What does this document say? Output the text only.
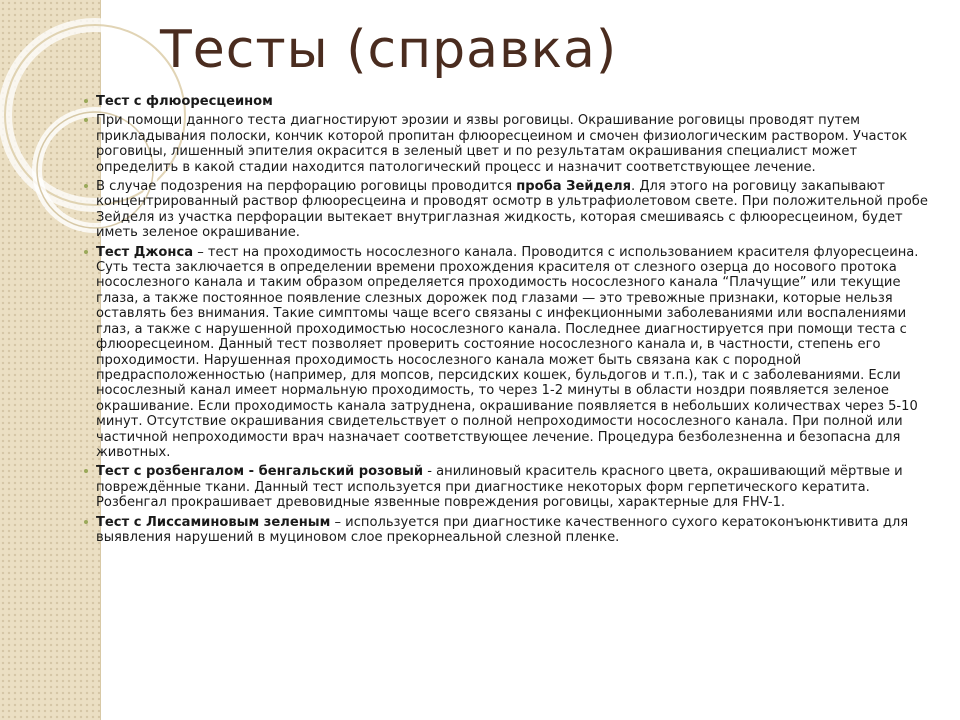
Тесты (справка)
Тест с флюоресцеином
При помощи данного теста диагностируют эрозии и язвы роговицы. Окрашивание роговицы проводят путем прикладывания полоски, кончик которой пропитан флюоресцеином и смочен физиологическим раствором. Участок роговицы, лишенный эпителия окрасится в зеленый цвет и по результатам окрашивания специалист может определить в какой стадии находится патологический процесс и назначит соответствующее лечение.
В случае подозрения на перфорацию роговицы проводится проба Зейделя. Для этого на роговицу закапывают концентрированный раствор флюоресцеина и проводят осмотр в ультрафиолетовом свете. При положительной пробе Зейделя из участка перфорации вытекает внутриглазная жидкость, которая смешиваясь с флюоресцеином, будет иметь зеленое окрашивание.
Тест Джонса – тест на проходимость носослезного канала. Проводится с использованием красителя флуоресцеина. Суть теста заключается в определении времени прохождения красителя от слезного озерца до носового протока носослезного канала и таким образом определяется проходимость носослезного канала “Плачущие” или текущие глаза, а также постоянное появление слезных дорожек под глазами — это тревожные признаки, которые нельзя оставлять без внимания. Такие симптомы чаще всего связаны с инфекционными заболеваниями или воспалениями глаз, а также с нарушенной проходимостью носослезного канала. Последнее диагностируется при помощи теста с флюоресцеином. Данный тест позволяет проверить состояние носослезного канала и, в частности, степень его проходимости. Нарушенная проходимость носослезного канала может быть связана как с породной предрасположенностью (например, для мопсов, персидских кошек, бульдогов и т.п.), так и с заболеваниями. Если носослезный канал имеет нормальную проходимость, то через 1-2 минуты в области ноздри появляется зеленое окрашивание. Если проходимость канала затруднена, окрашивание появляется в небольших количествах через 5-10 минут. Отсутствие окрашивания свидетельствует о полной непроходимости носослезного канала. При полной или частичной непроходимости врач назначает соответствующее лечение. Процедура безболезненна и безопасна для животных.
Тест с розбенгалом - бенгальский розовый - анилиновый краситель красного цвета, окрашивающий мёртвые и повреждённые ткани. Данный тест используется при диагностике некоторых форм герпетического кератита. Розбенгал прокрашивает древовидные язвенные повреждения роговицы, характерные для FHV-1.
Тест с Лиссаминовым зеленым – используется при диагностике качественного сухого кератоконъюнктивита для выявления нарушений в муциновом слое прекорнеальной слезной пленке.
